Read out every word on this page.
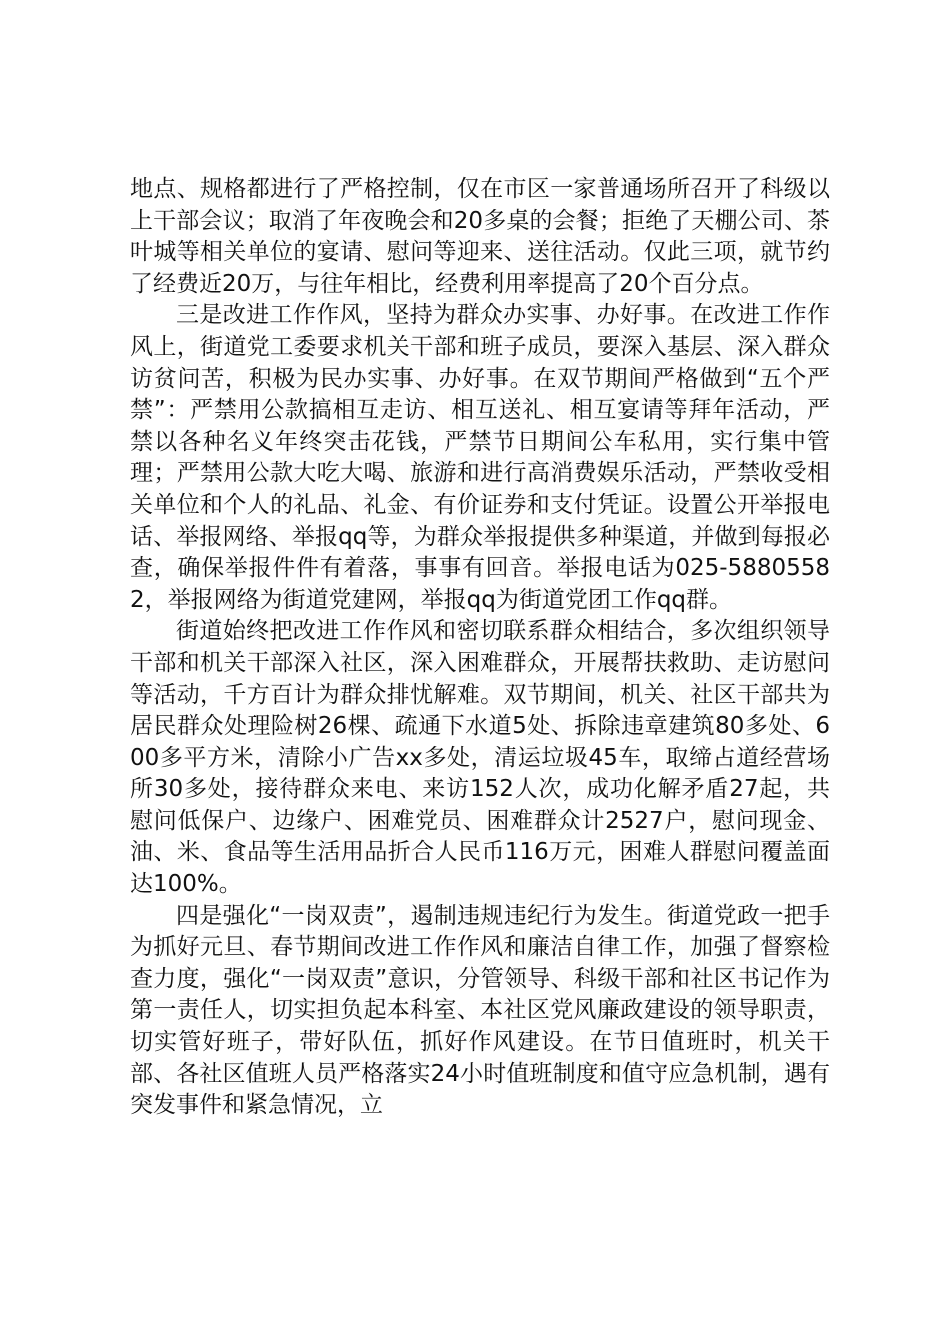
地点、规格都进行了严格控制，仅在市区一家普通场所召开了科级以上干部会议；取消了年夜晚会和20多桌的会餐；拒绝了天棚公司、茶叶城等相关单位的宴请、慰问等迎来、送往活动。仅此三项，就节约了经费近20万，与往年相比，经费利用率提高了20个百分点。

三是改进工作作风，坚持为群众办实事、办好事。在改进工作作风上，街道党工委要求机关干部和班子成员，要深入基层、深入群众访贫问苦，积极为民办实事、办好事。在双节期间严格做到“五个严禁”：严禁用公款搞相互走访、相互送礼、相互宴请等拜年活动，严禁以各种名义年终突击花钱，严禁节日期间公车私用，实行集中管理；严禁用公款大吃大喝、旅游和进行高消费娱乐活动，严禁收受相关单位和个人的礼品、礼金、有价证券和支付凭证。设置公开举报电话、举报网络、举报qq等，为群众举报提供多种渠道，并做到每报必查，确保举报件件有着落，事事有回音。举报电话为025-58805582，举报网络为街道党建网，举报qq为街道党团工作qq群。

街道始终把改进工作作风和密切联系群众相结合，多次组织领导干部和机关干部深入社区，深入困难群众，开展帮扶救助、走访慰问等活动，千方百计为群众排忧解难。双节期间，机关、社区干部共为居民群众处理险树26棵、疏通下水道5处、拆除违章建筑80多处、600多平方米，清除小广告xx多处，清运垃圾45车，取缔占道经营场所30多处，接待群众来电、来访152人次，成功化解矛盾27起，共慰问低保户、边缘户、困难党员、困难群众计2527户，慰问现金、油、米、食品等生活用品折合人民币116万元，困难人群慰问覆盖面达100%。

四是强化“一岗双责”，遏制违规违纪行为发生。街道党政一把手为抓好元旦、春节期间改进工作作风和廉洁自律工作，加强了督察检查力度，强化“一岗双责”意识，分管领导、科级干部和社区书记作为第一责任人，切实担负起本科室、本社区党风廉政建设的领导职责，切实管好班子，带好队伍，抓好作风建设。在节日值班时，机关干部、各社区值班人员严格落实24小时值班制度和值守应急机制，遇有突发事件和紧急情况，立
